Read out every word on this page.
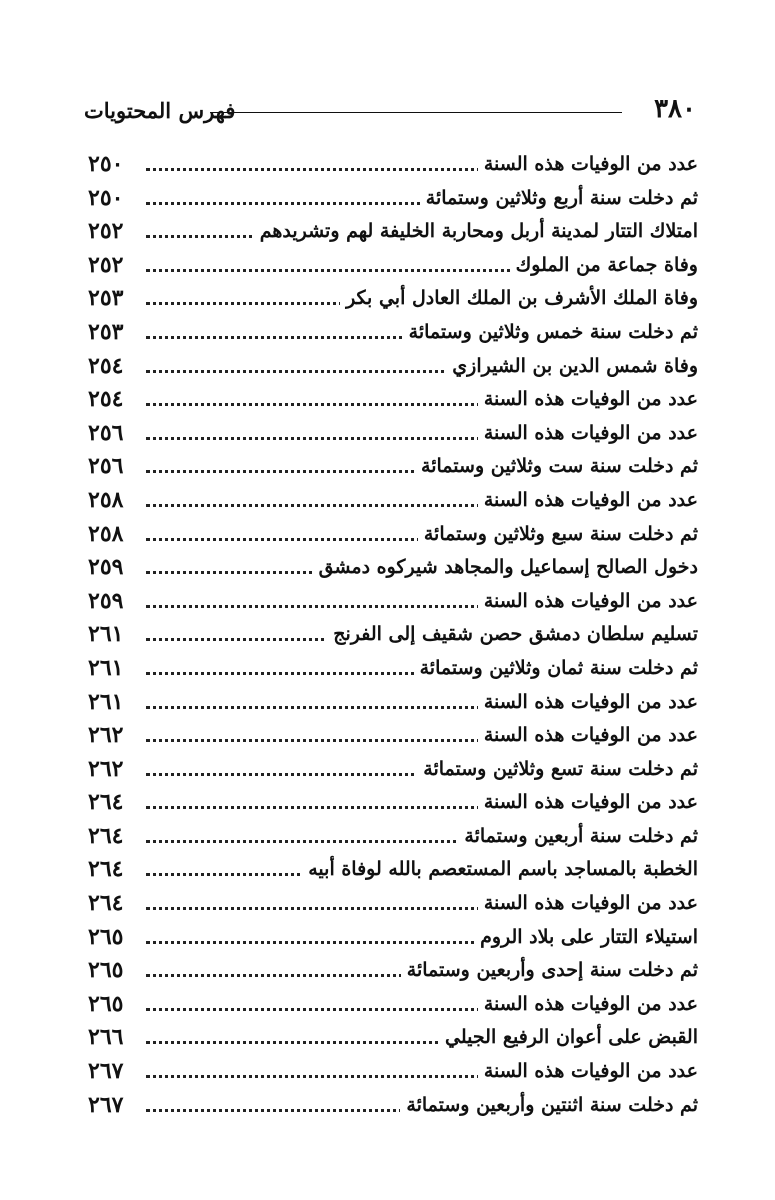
٣٨٠
فهرس المحتويات
عدد من الوفيات هذه السنة
٢٥٠
ثم دخلت سنة أربع وثلاثين وستمائة
٢٥٠
امتلاك التتار لمدينة أربل ومحاربة الخليفة لهم وتشريدهم
٢٥٢
وفاة جماعة من الملوك
٢٥٢
وفاة الملك الأشرف بن الملك العادل أبي بكر
٢٥٣
ثم دخلت سنة خمس وثلاثين وستمائة
٢٥٣
وفاة شمس الدين بن الشيرازي
٢٥٤
عدد من الوفيات هذه السنة
٢٥٤
عدد من الوفيات هذه السنة
٢٥٦
ثم دخلت سنة ست وثلاثين وستمائة
٢٥٦
عدد من الوفيات هذه السنة
٢٥٨
ثم دخلت سنة سبع وثلاثين وستمائة
٢٥٨
دخول الصالح إسماعيل والمجاهد شيركوه دمشق
٢٥٩
عدد من الوفيات هذه السنة
٢٥٩
تسليم سلطان دمشق حصن شقيف إلى الفرنج
٢٦١
ثم دخلت سنة ثمان وثلاثين وستمائة
٢٦١
عدد من الوفيات هذه السنة
٢٦١
عدد من الوفيات هذه السنة
٢٦٢
ثم دخلت سنة تسع وثلاثين وستمائة
٢٦٢
عدد من الوفيات هذه السنة
٢٦٤
ثم دخلت سنة أربعين وستمائة
٢٦٤
الخطبة بالمساجد باسم المستعصم بالله لوفاة أبيه
٢٦٤
عدد من الوفيات هذه السنة
٢٦٤
استيلاء التتار على بلاد الروم
٢٦٥
ثم دخلت سنة إحدى وأربعين وستمائة
٢٦٥
عدد من الوفيات هذه السنة
٢٦٥
القبض على أعوان الرفيع الجيلي
٢٦٦
عدد من الوفيات هذه السنة
٢٦٧
ثم دخلت سنة اثنتين وأربعين وستمائة
٢٦٧
